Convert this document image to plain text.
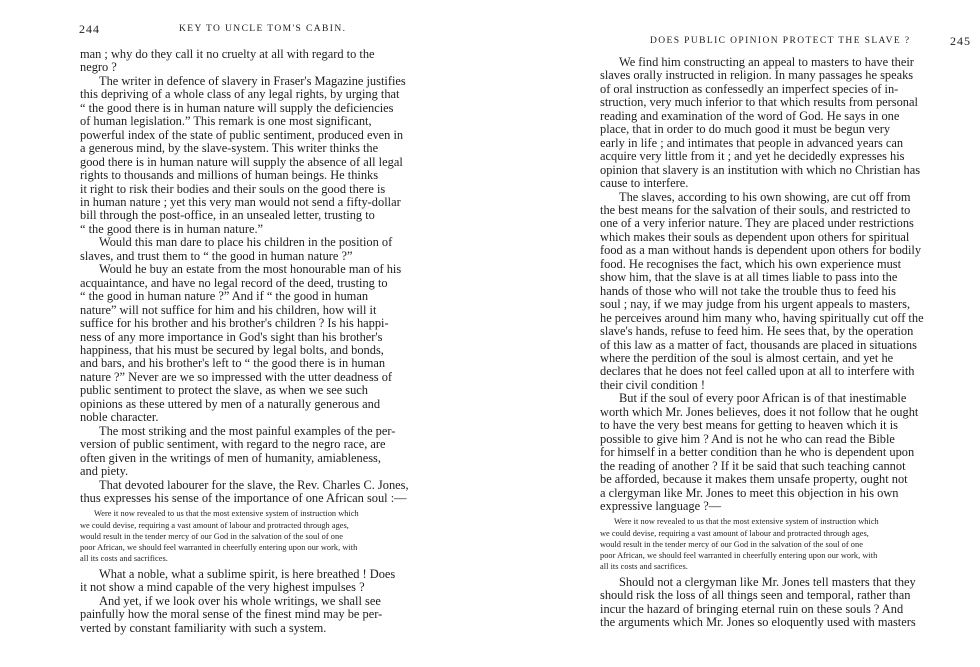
244	KEY TO UNCLE TOM'S CABIN.

man ; why do they call it no cruelty at all with regard to the
negro ?

The writer in defence of slavery in Fraser's Magazine justifies
this depriving of a whole class of any legal rights, by urging that
“ the good there is in human nature will supply the deficiencies
of human legislation.” This remark is one most significant,
powerful index of the state of public sentiment, produced even in
a generous mind, by the slave-system. This writer thinks the
good there is in human nature will supply the absence of all legal
rights to thousands and millions of human beings. He thinks
it right to risk their bodies and their souls on the good there is
in human nature ; yet this very man would not send a fifty-dollar
bill through the post-office, in an unsealed letter, trusting to
“ the good there is in human nature.”

Would this man dare to place his children in the position of
slaves, and trust them to “ the good in human nature ?”

Would he buy an estate from the most honourable man of his
acquaintance, and have no legal record of the deed, trusting to
“ the good in human nature ?” And if “ the good in human
nature” will not suffice for him and his children, how will it
suffice for his brother and his brother's children ? Is his happi-
ness of any more importance in God's sight than his brother's
happiness, that his must be secured by legal bolts, and bonds,
and bars, and his brother's left to “ the good there is in human
nature ?” Never are we so impressed with the utter deadness of
public sentiment to protect the slave, as when we see such
opinions as these uttered by men of a naturally generous and
noble character.

The most striking and the most painful examples of the per-
version of public sentiment, with regard to the negro race, are
often given in the writings of men of humanity, amiableness,
and piety.

That devoted labourer for the slave, the Rev. Charles C. Jones,
thus expresses his sense of the importance of one African soul :—

Were it now revealed to us that the most extensive system of instruction which
we could devise, requiring a vast amount of labour and protracted through ages,
would result in the tender mercy of our God in the salvation of the soul of one
poor African, we should feel warranted in cheerfully entering upon our work, with
all its costs and sacrifices.

What a noble, what a sublime spirit, is here breathed ! Does
it not show a mind capable of the very highest impulses ?

And yet, if we look over his whole writings, we shall see
painfully how the moral sense of the finest mind may be per-
verted by constant familiarity with such a system.

DOES PUBLIC OPINION PROTECT THE SLAVE ?	245

We find him constructing an appeal to masters to have their
slaves orally instructed in religion. In many passages he speaks
of oral instruction as confessedly an imperfect species of in-
struction, very much inferior to that which results from personal
reading and examination of the word of God. He says in one
place, that in order to do much good it must be begun very
early in life ; and intimates that people in advanced years can
acquire very little from it ; and yet he decidedly expresses his
opinion that slavery is an institution with which no Christian has
cause to interfere.

The slaves, according to his own showing, are cut off from
the best means for the salvation of their souls, and restricted to
one of a very inferior nature. They are placed under restrictions
which makes their souls as dependent upon others for spiritual
food as a man without hands is dependent upon others for bodily
food. He recognises the fact, which his own experience must
show him, that the slave is at all times liable to pass into the
hands of those who will not take the trouble thus to feed his
soul ; nay, if we may judge from his urgent appeals to masters,
he perceives around him many who, having spiritually cut off the
slave's hands, refuse to feed him. He sees that, by the operation
of this law as a matter of fact, thousands are placed in situations
where the perdition of the soul is almost certain, and yet he
declares that he does not feel called upon at all to interfere with
their civil condition !

But if the soul of every poor African is of that inestimable
worth which Mr. Jones believes, does it not follow that he ought
to have the very best means for getting to heaven which it is
possible to give him ? And is not he who can read the Bible
for himself in a better condition than he who is dependent upon
the reading of another ? If it be said that such teaching cannot
be afforded, because it makes them unsafe property, ought not
a clergyman like Mr. Jones to meet this objection in his own
expressive language ?—

Were it now revealed to us that the most extensive system of instruction which
we could devise, requiring a vast amount of labour and protracted through ages,
would result in the tender mercy of our God in the salvation of the soul of one
poor African, we should feel warranted in cheerfully entering upon our work, with
all its costs and sacrifices.

Should not a clergyman like Mr. Jones tell masters that they
should risk the loss of all things seen and temporal, rather than
incur the hazard of bringing eternal ruin on these souls ? And
the arguments which Mr. Jones so eloquently used with masters
